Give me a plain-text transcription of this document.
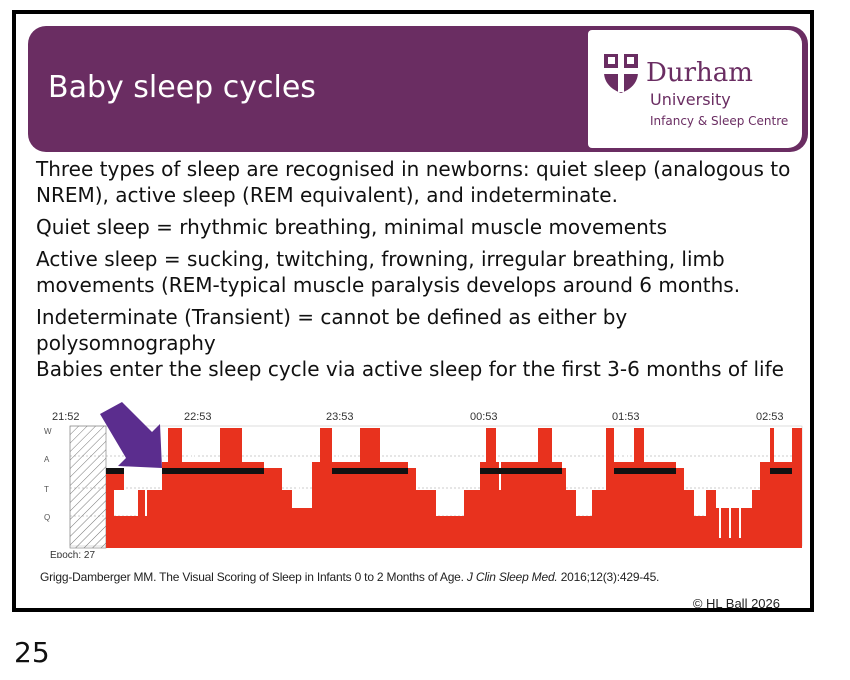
Baby sleep cycles	Durham
University
Infancy & Sleep Centre

Three types of sleep are recognised in newborns: quiet sleep (analogous to NREM), active sleep (REM equivalent), and indeterminate.

Quiet sleep = rhythmic breathing, minimal muscle movements

Active sleep = sucking, twitching, frowning, irregular breathing, limb movements (REM-typical muscle paralysis develops around 6 months.

Indeterminate (Transient) = cannot be defined as either by polysomnography

Babies enter the sleep cycle via active sleep for the first 3-6 months of life

21:52	22:53	23:53	00:53	01:53	02:53
W
A
T
Q
Epoch: 27
Grigg-Damberger MM. The Visual Scoring of Sleep in Infants 0 to 2 Months of Age. J Clin Sleep Med. 2016;12(3):429-45.
© HL Ball 2026
25
